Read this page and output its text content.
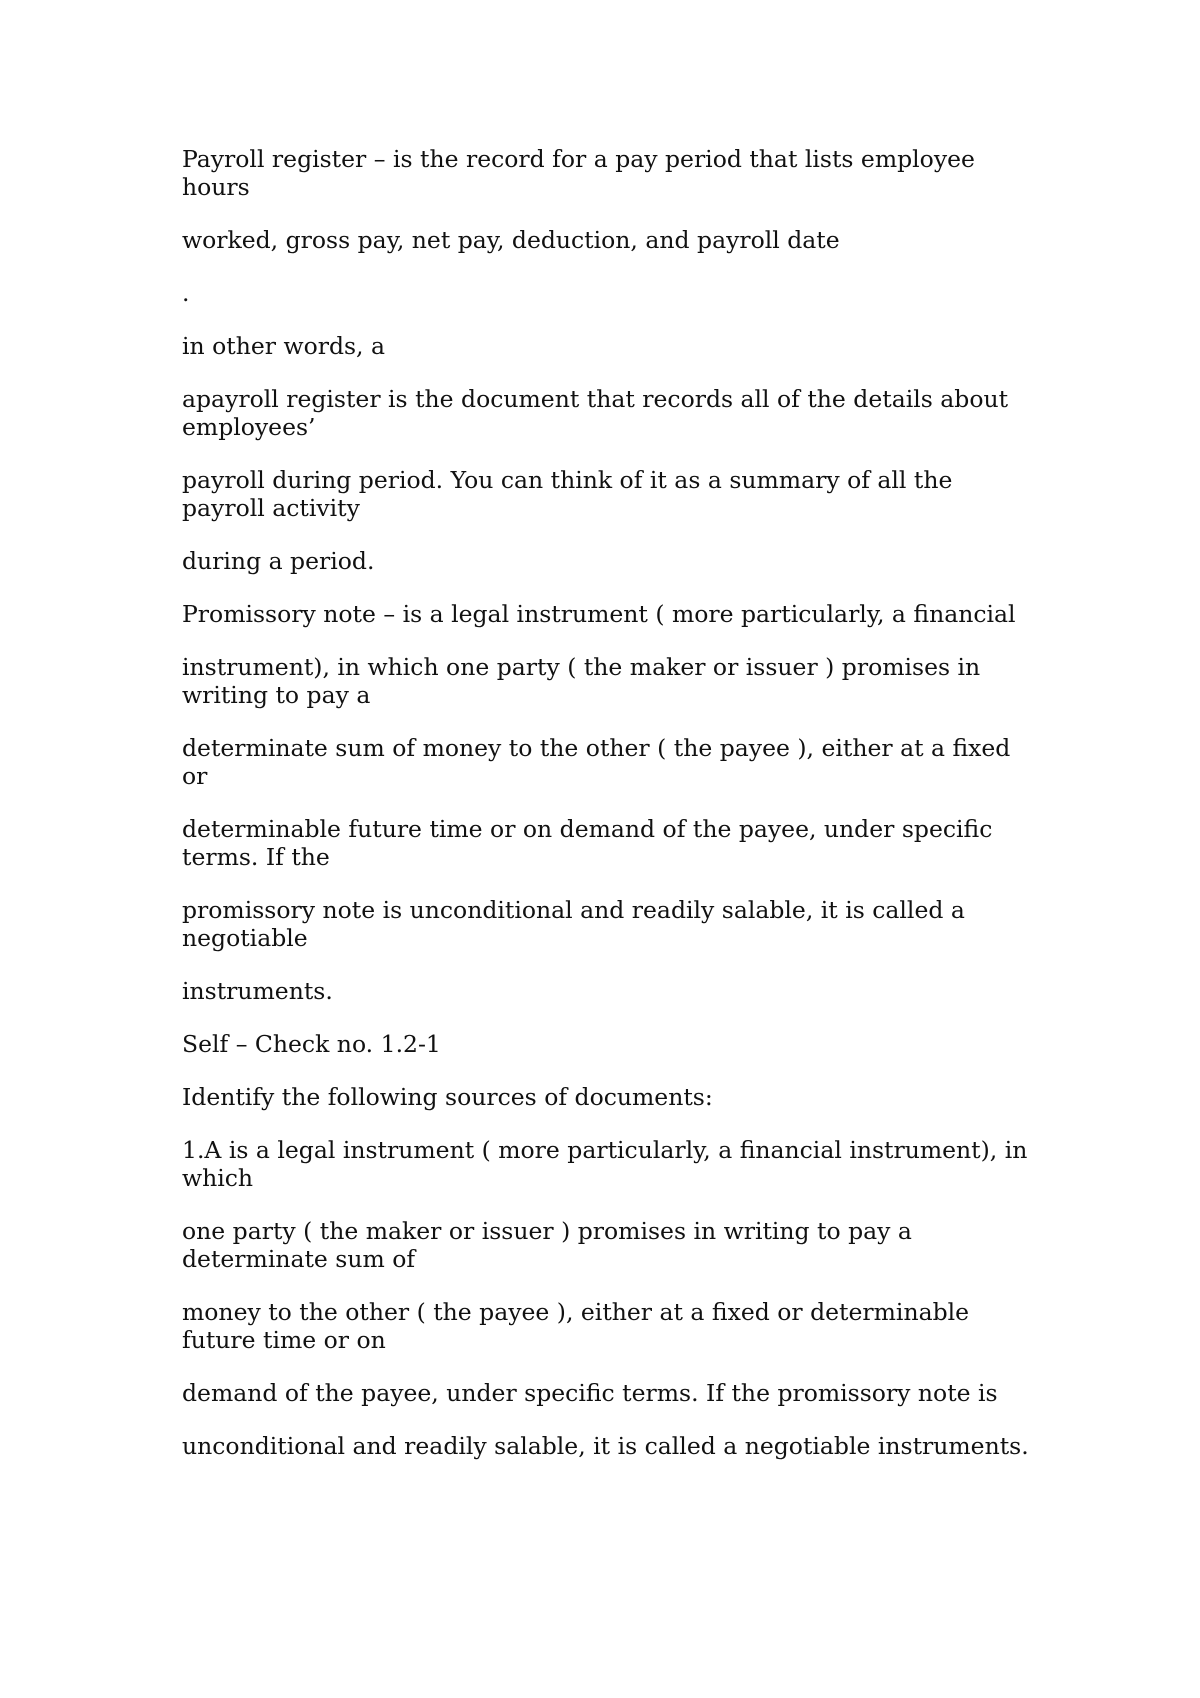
Payroll register – is the record for a pay period that lists employee hours

worked, gross pay, net pay, deduction, and payroll date

.

in other words, a

apayroll register is the document that records all of the details about employees’

payroll during period. You can think of it as a summary of all the payroll activity

during a period.

Promissory note – is a legal instrument ( more particularly, a financial

instrument), in which one party ( the maker or issuer ) promises in writing to pay a

determinate sum of money to the other ( the payee ), either at a fixed or

determinable future time or on demand of the payee, under specific terms. If the

promissory note is unconditional and readily salable, it is called a negotiable

instruments.

Self – Check no. 1.2-1

Identify the following sources of documents:

1.A is a legal instrument ( more particularly, a financial instrument), in which

one party ( the maker or issuer ) promises in writing to pay a determinate sum of

money to the other ( the payee ), either at a fixed or determinable future time or on

demand of the payee, under specific terms. If the promissory note is

unconditional and readily salable, it is called a negotiable instruments.
